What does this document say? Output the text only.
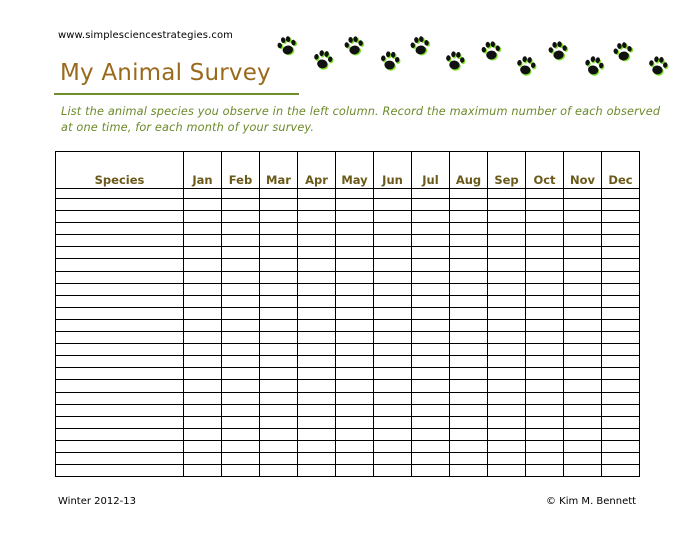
www.simplesciencestrategies.com
My Animal Survey
List the animal species you observe in the left column. Record the maximum number of each observed at one time, for each month of your survey.
Species	Jan	Feb	Mar	Apr	May	Jun	Jul	Aug	Sep	Oct	Nov	Dec

Winter 2012-13	© Kim M. Bennett
